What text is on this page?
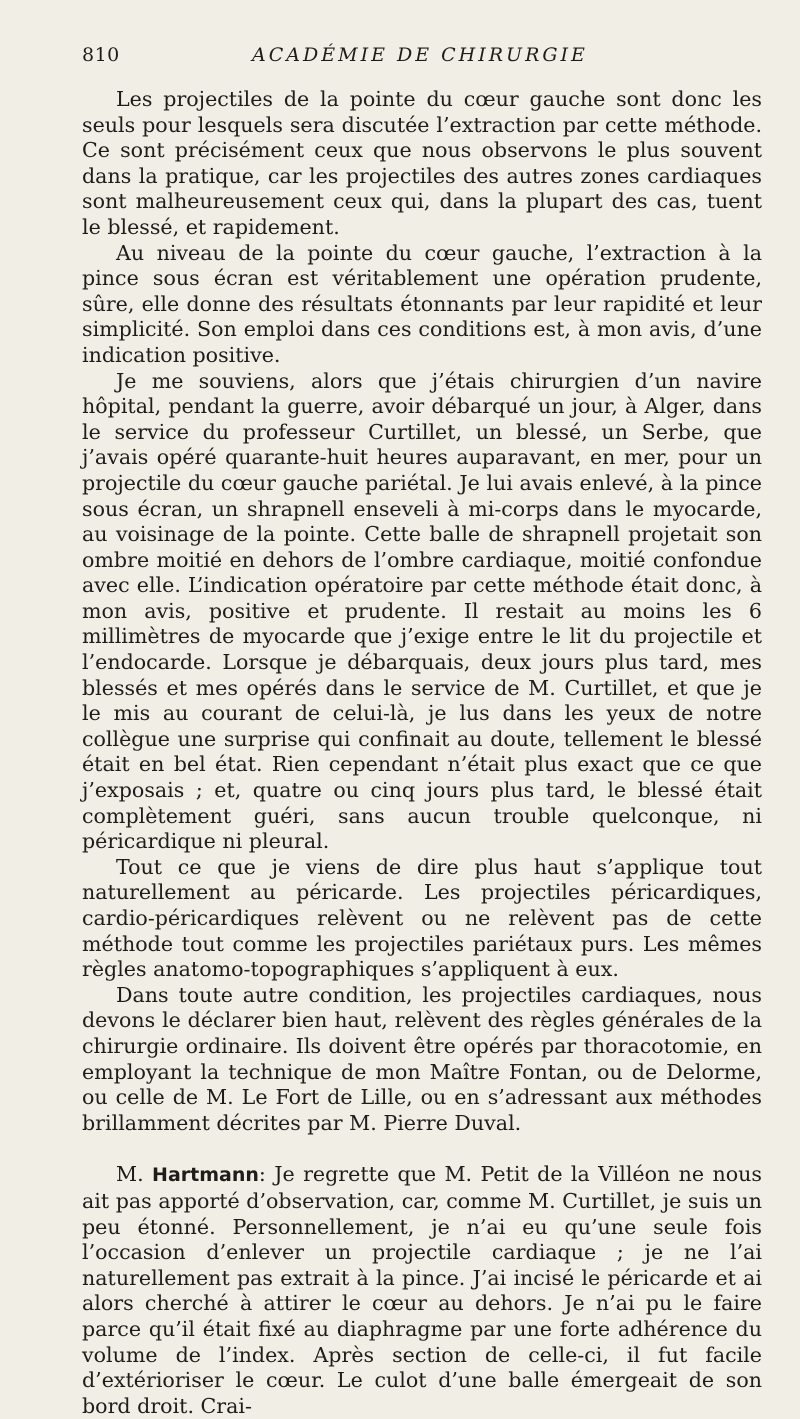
810	ACADÉMIE DE CHIRURGIE

Les projectiles de la pointe du cœur gauche sont donc les seuls pour lesquels sera discutée l’extraction par cette méthode. Ce sont précisément ceux que nous observons le plus souvent dans la pratique, car les projectiles des autres zones cardiaques sont malheureusement ceux qui, dans la plupart des cas, tuent le blessé, et rapidement.

Au niveau de la pointe du cœur gauche, l’extraction à la pince sous écran est véritablement une opération prudente, sûre, elle donne des résultats étonnants par leur rapidité et leur simplicité. Son emploi dans ces conditions est, à mon avis, d’une indication positive.

Je me souviens, alors que j’étais chirurgien d’un navire hôpital, pendant la guerre, avoir débarqué un jour, à Alger, dans le service du professeur Curtillet, un blessé, un Serbe, que j’avais opéré quarante-huit heures auparavant, en mer, pour un projectile du cœur gauche pariétal. Je lui avais enlevé, à la pince sous écran, un shrapnell enseveli à mi-corps dans le myocarde, au voisinage de la pointe. Cette balle de shrapnell projetait son ombre moitié en dehors de l’ombre cardiaque, moitié confondue avec elle. L’indication opératoire par cette méthode était donc, à mon avis, positive et prudente. Il restait au moins les 6 millimètres de myocarde que j’exige entre le lit du projectile et l’endocarde. Lorsque je débarquais, deux jours plus tard, mes blessés et mes opérés dans le service de M. Curtillet, et que je le mis au courant de celui-là, je lus dans les yeux de notre collègue une surprise qui confinait au doute, tellement le blessé était en bel état. Rien cependant n’était plus exact que ce que j’exposais ; et, quatre ou cinq jours plus tard, le blessé était complètement guéri, sans aucun trouble quelconque, ni péricardique ni pleural.

Tout ce que je viens de dire plus haut s’applique tout naturellement au péricarde. Les projectiles péricardiques, cardio-péricardiques relèvent ou ne relèvent pas de cette méthode tout comme les projectiles pariétaux purs. Les mêmes règles anatomo-topographiques s’appliquent à eux.

Dans toute autre condition, les projectiles cardiaques, nous devons le déclarer bien haut, relèvent des règles générales de la chirurgie ordinaire. Ils doivent être opérés par thoracotomie, en employant la technique de mon Maître Fontan, ou de Delorme, ou celle de M. Le Fort de Lille, ou en s’adressant aux méthodes brillamment décrites par M. Pierre Duval.

M. Hartmann: Je regrette que M. Petit de la Villéon ne nous ait pas apporté d’observation, car, comme M. Curtillet, je suis un peu étonné. Personnellement, je n’ai eu qu’une seule fois l’occasion d’enlever un projectile cardiaque ; je ne l’ai naturellement pas extrait à la pince. J’ai incisé le péricarde et ai alors cherché à attirer le cœur au dehors. Je n’ai pu le faire parce qu’il était fixé au diaphragme par une forte adhérence du volume de l’index. Après section de celle-ci, il fut facile d’extérioriser le cœur. Le culot d’une balle émergeait de son bord droit. Crai-
